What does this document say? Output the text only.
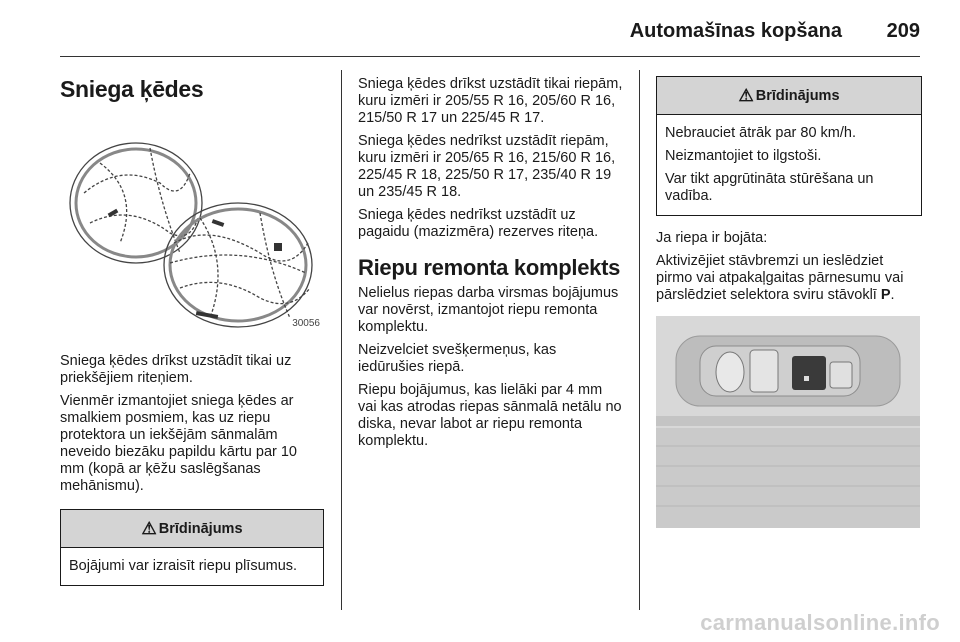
Automašīnas kopšana 209
Sniega ķēdes
30056
Sniega ķēdes drīkst uzstādīt tikai uz priekšējiem riteņiem.
Vienmēr izmantojiet sniega ķēdes ar smalkiem posmiem, kas uz riepu protektora un iekšējām sānmalām neveido biezāku papildu kārtu par 10 mm (kopā ar ķēžu saslēgšanas mehānismu).
⚠ Brīdinājums
Bojājumi var izraisīt riepu plīsumus.
Sniega ķēdes drīkst uzstādīt tikai riepām, kuru izmēri ir 205/55 R 16, 205/60 R 16, 215/50 R 17 un 225/45 R 17.
Sniega ķēdes nedrīkst uzstādīt riepām, kuru izmēri ir 205/65 R 16, 215/60 R 16, 225/45 R 18, 225/50 R 17, 235/40 R 19 un 235/45 R 18.
Sniega ķēdes nedrīkst uzstādīt uz pagaidu (mazizmēra) rezerves riteņa.
Riepu remonta komplekts
Nelielus riepas darba virsmas bojājumus var novērst, izmantojot riepu remonta komplektu.
Neizvelciet svešķermeņus, kas iedūrušies riepā.
Riepu bojājumus, kas lielāki par 4 mm vai kas atrodas riepas sānmalā netālu no diska, nevar labot ar riepu remonta komplektu.
⚠ Brīdinājums
Nebrauciet ātrāk par 80 km/h.
Neizmantojiet to ilgstoši.
Var tikt apgrūtināta stūrēšana un vadība.
Ja riepa ir bojāta:
Aktivizējiet stāvbremzi un ieslēdziet pirmo vai atpakaļgaitas pārnesumu vai pārslēdziet selektora sviru stāvoklī P.
carmanualsonline.info
